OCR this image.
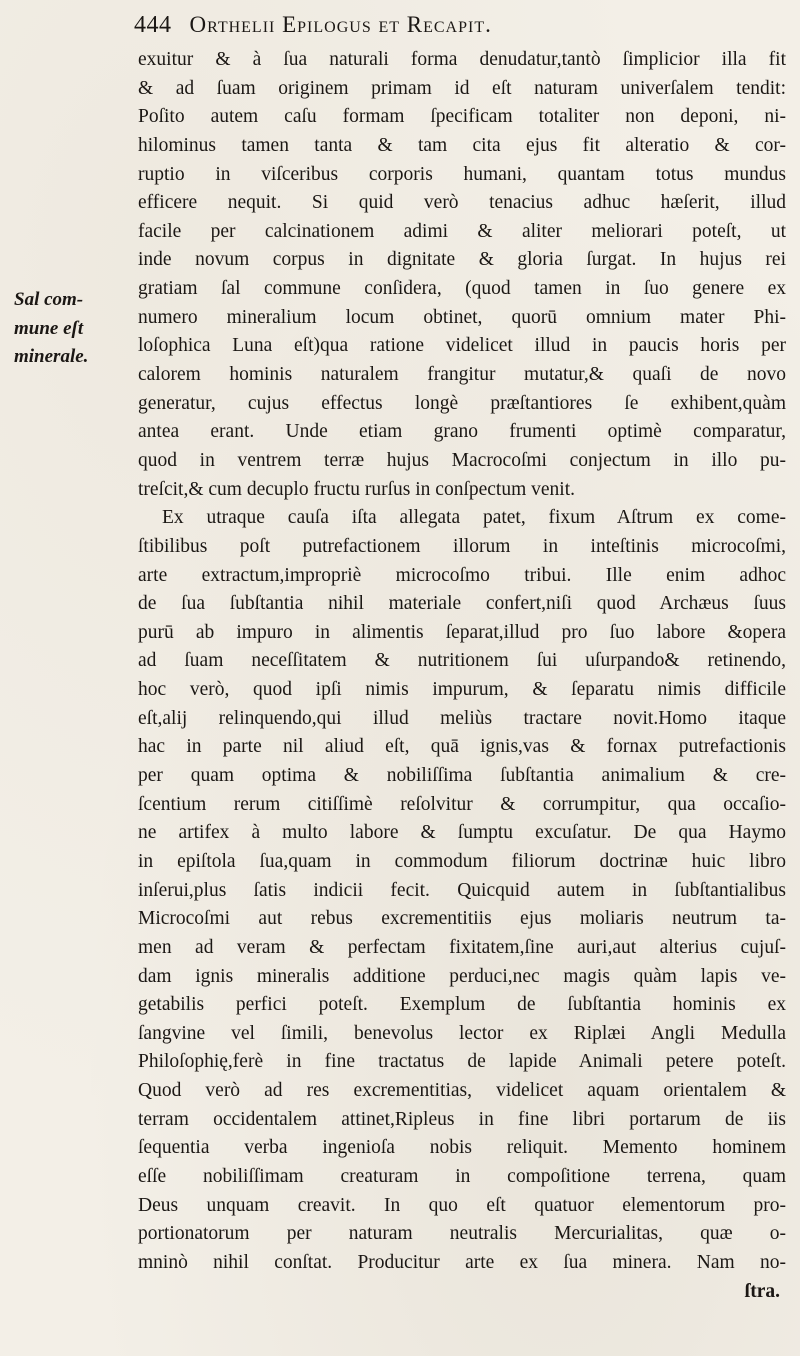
444 Orthelii Epilogus et Recapit.
Sal com-
mune eſt
minerale.
exuitur & à ſua naturali forma denudatur,tantò ſimplicior illa fit
& ad ſuam originem primam id eſt naturam univerſalem tendit:
Poſito autem caſu formam ſpecificam totaliter non deponi, ni-
hilominus tamen tanta & tam cita ejus fit alteratio & cor-
ruptio in viſceribus corporis humani, quantam totus mundus
efficere nequit. Si quid verò tenacius adhuc hæſerit, illud
facile per calcinationem adimi & aliter meliorari poteſt, ut
inde novum corpus in dignitate & gloria ſurgat. In hujus rei
gratiam ſal commune conſidera, (quod tamen in ſuo genere ex
numero mineralium locum obtinet, quorū omnium mater Phi-
loſophica Luna eſt)qua ratione videlicet illud in paucis horis per
calorem hominis naturalem frangitur mutatur,& quaſi de novo
generatur, cujus effectus longè præſtantiores ſe exhibent,quàm
antea erant. Unde etiam grano frumenti optimè comparatur,
quod in ventrem terræ hujus Macrocoſmi conjectum in illo pu-
treſcit,& cum decuplo fructu rurſus in conſpectum venit.
Ex utraque cauſa iſta allegata patet, fixum Aſtrum ex come-
ſtibilibus poſt putrefactionem illorum in inteſtinis microcoſmi,
arte extractum,impropriè microcoſmo tribui. Ille enim adhoc
de ſua ſubſtantia nihil materiale confert,niſi quod Archæus ſuus
purū ab impuro in alimentis ſeparat,illud pro ſuo labore &opera
ad ſuam neceſſitatem & nutritionem ſui uſurpando& retinendo,
hoc verò, quod ipſi nimis impurum, & ſeparatu nimis difficile
eſt,alij relinquendo,qui illud meliùs tractare novit.Homo itaque
hac in parte nil aliud eſt, quā ignis,vas & fornax putrefactionis
per quam optima & nobiliſſima ſubſtantia animalium & cre-
ſcentium rerum citiſſimè reſolvitur & corrumpitur, qua occaſio-
ne artifex à multo labore & ſumptu excuſatur. De qua Haymo
in epiſtola ſua,quam in commodum filiorum doctrinæ huic libro
inſerui,plus ſatis indicii fecit. Quicquid autem in ſubſtantialibus
Microcoſmi aut rebus excrementitiis ejus moliaris neutrum ta-
men ad veram & perfectam fixitatem,ſine auri,aut alterius cujuſ-
dam ignis mineralis additione perduci,nec magis quàm lapis ve-
getabilis perfici poteſt. Exemplum de ſubſtantia hominis ex
ſangvine vel ſimili, benevolus lector ex Riplæi Angli Medulla
Philoſophię,ferè in fine tractatus de lapide Animali petere poteſt.
Quod verò ad res excrementitias, videlicet aquam orientalem &
terram occidentalem attinet,Ripleus in fine libri portarum de iis
ſequentia verba ingenioſa nobis reliquit. Memento hominem
eſſe nobiliſſimam creaturam in compoſitione terrena, quam
Deus unquam creavit. In quo eſt quatuor elementorum pro-
portionatorum per naturam neutralis Mercurialitas, quæ o-
mninò nihil conſtat. Producitur arte ex ſua minera. Nam no-
ſtra.
